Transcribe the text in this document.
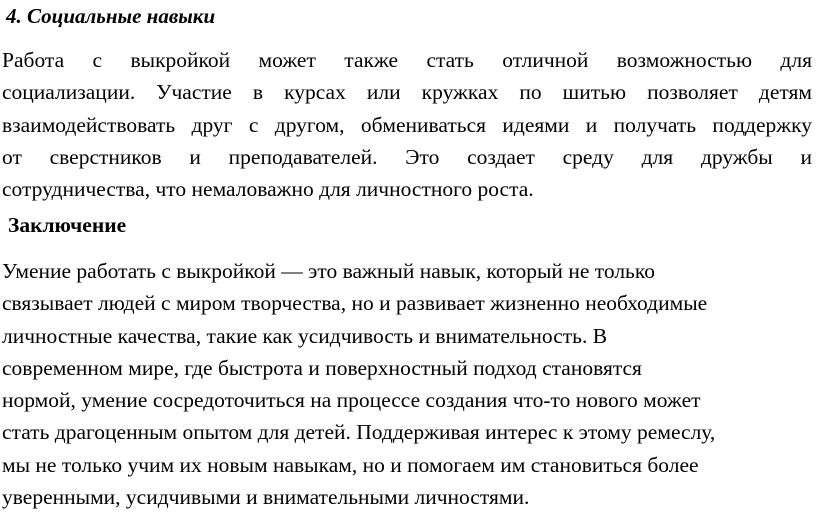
4. Социальные навыки

Работа с выкройкой может также стать отличной возможностью для
социализации. Участие в курсах или кружках по шитью позволяет детям
взаимодействовать друг с другом, обмениваться идеями и получать поддержку
от сверстников и преподавателей. Это создает среду для дружбы и
сотрудничества, что немаловажно для личностного роста.

Заключение

Умение работать с выкройкой — это важный навык, который не только
связывает людей с миром творчества, но и развивает жизненно необходимые
личностные качества, такие как усидчивость и внимательность. В
современном мире, где быстрота и поверхностный подход становятся
нормой, умение сосредоточиться на процессе создания что-то нового может
стать драгоценным опытом для детей. Поддерживая интерес к этому ремеслу,
мы не только учим их новым навыкам, но и помогаем им становиться более
уверенными, усидчивыми и внимательными личностями.
